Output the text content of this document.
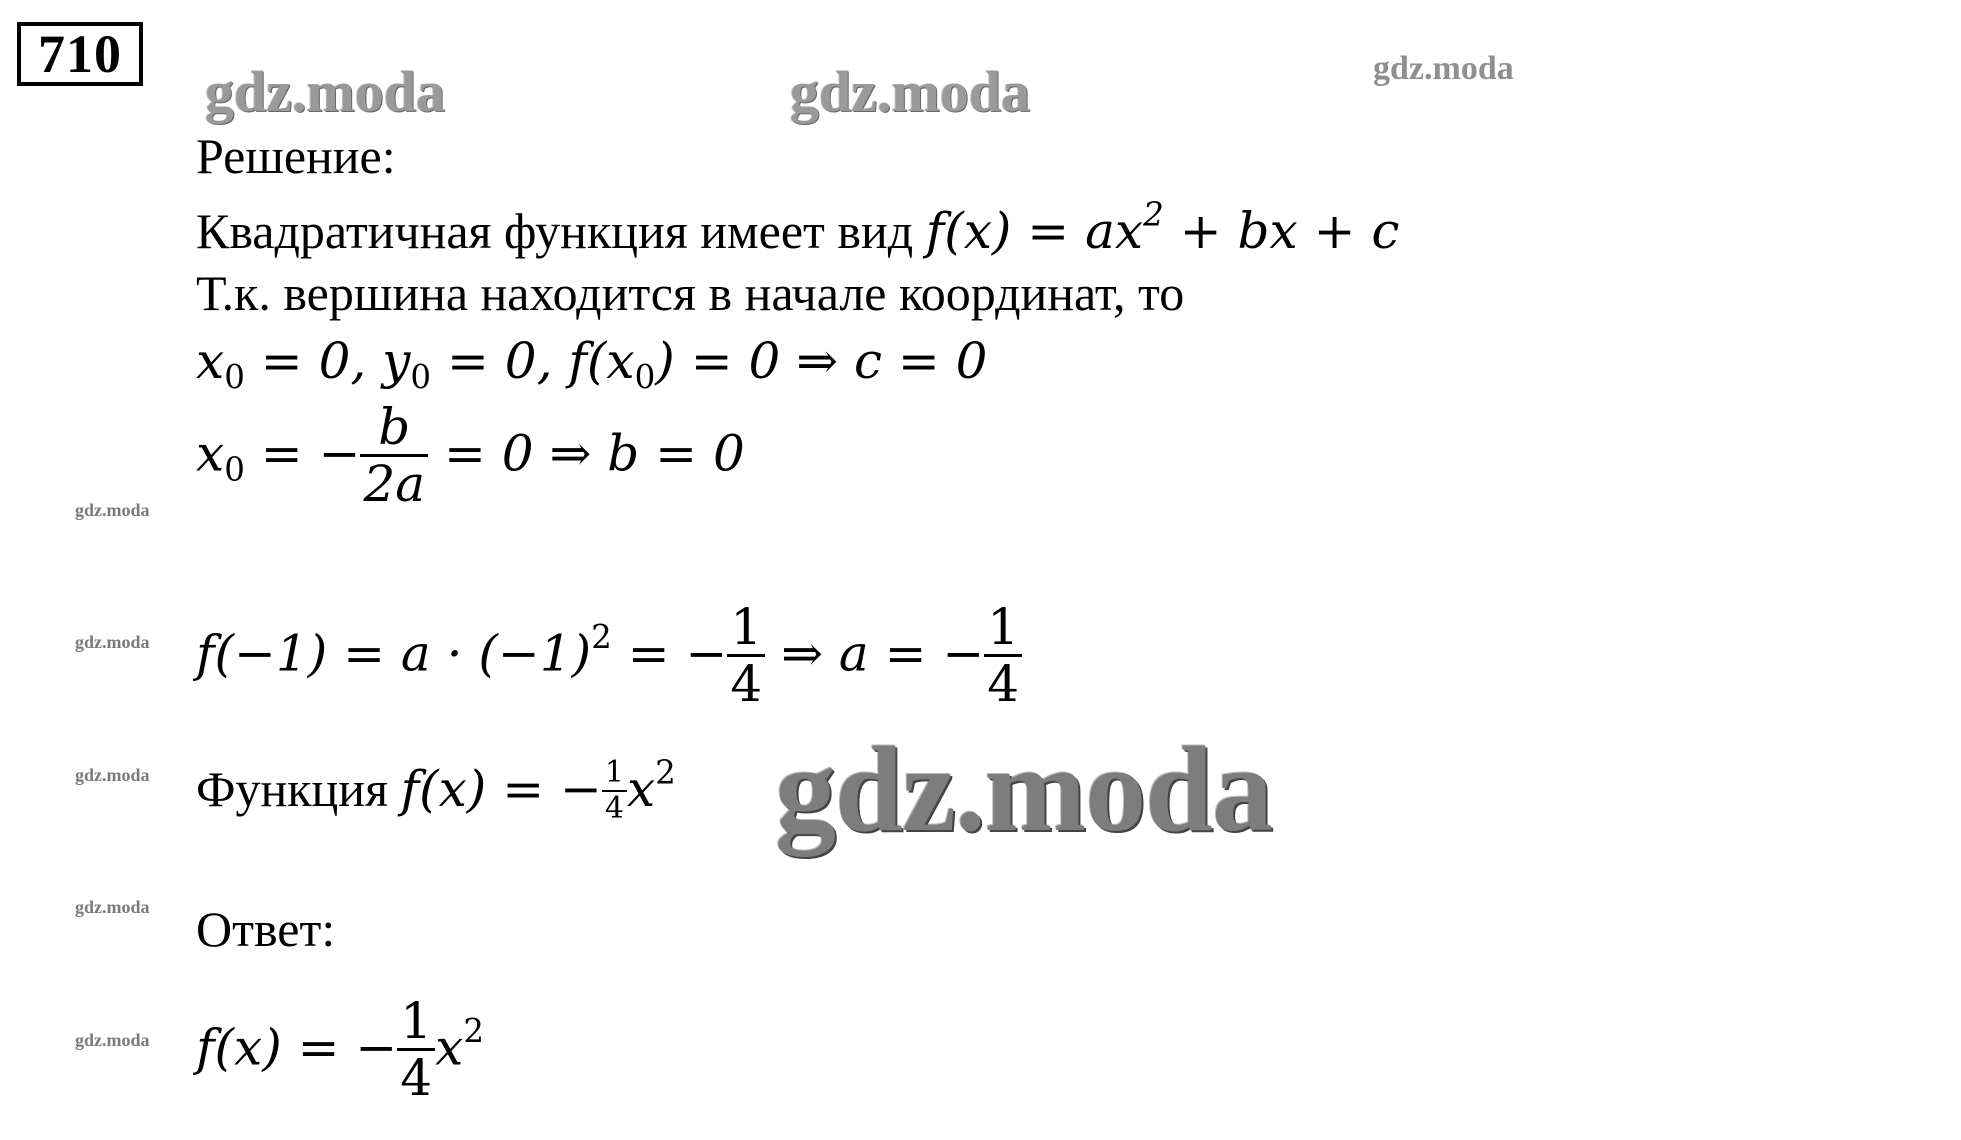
710
gdz.moda	gdz.moda	gdz.moda
gdz.moda
gdz.moda
gdz.moda
gdz.moda
gdz.moda
Решение:
Квадратичная функция имеет вид $f(x) = ax^2$ + bx + c
Т.к. вершина находится в начале координат, то
$x_0 = 0$, $y_0 = 0$, $f(x_0) = 0$ ⇒ c = 0
$x_0$ = − $\frac{b}{2a} = 0$ ⇒ b = 0
$f(-1) = a \cdot (-1)^2$ = − $\frac{1}{4}$ ⇒ a = − $\frac{1}{4}$
Функция f(x) = − $\frac{1}{4} x^2$ gdz.moda
Ответ:
f(x) = − $\frac{1}{4} x^2$
